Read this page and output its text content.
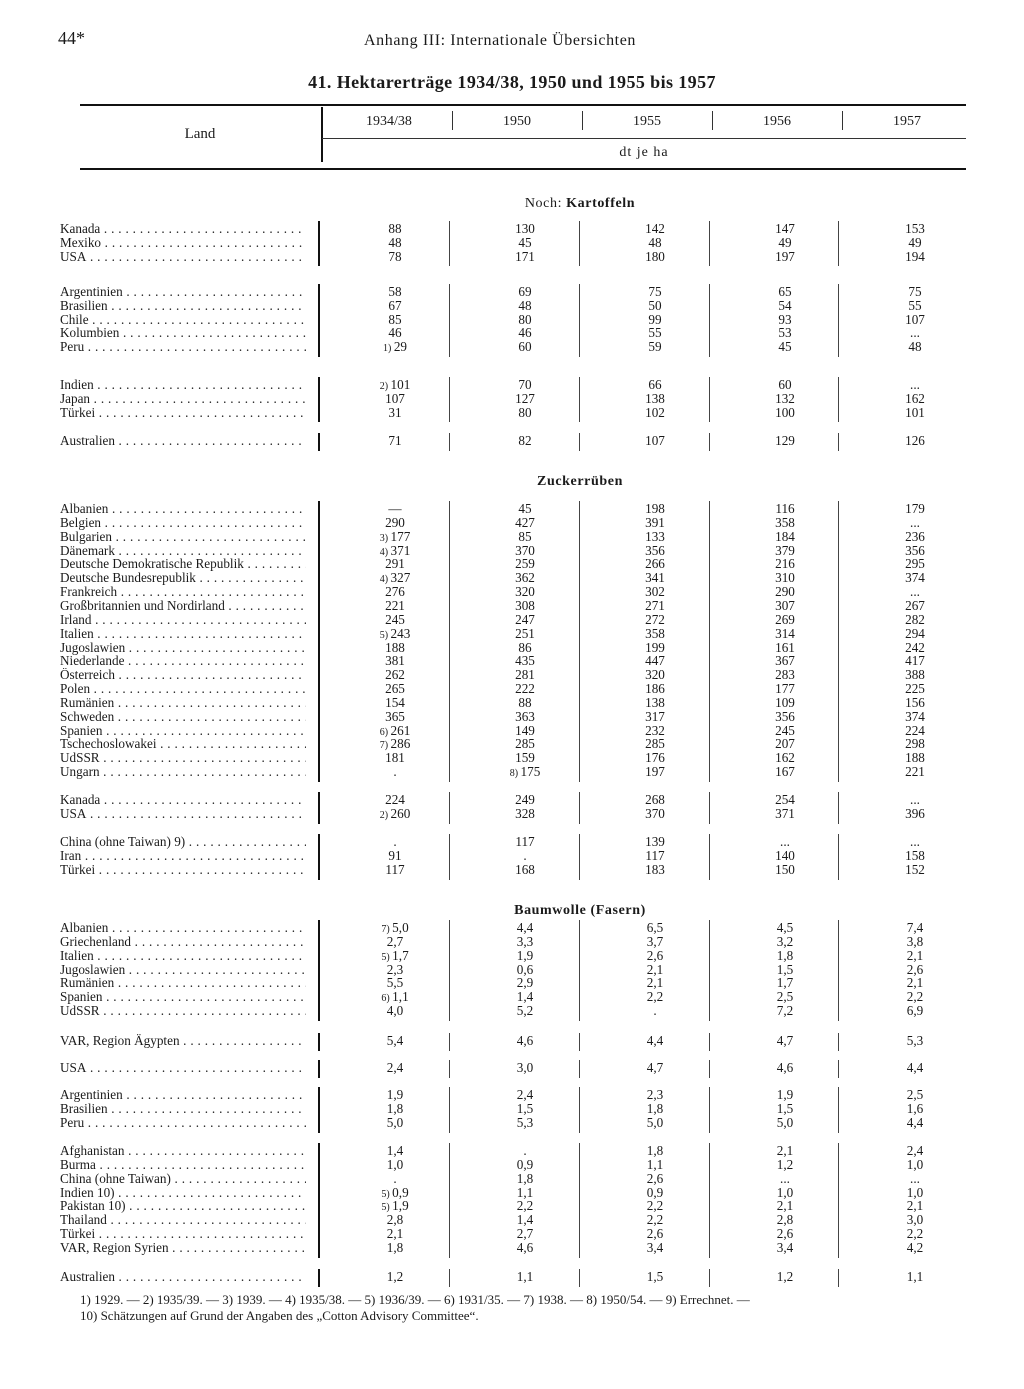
44*	Anhang III: Internationale Übersichten
41. Hektarerträge 1934/38, 1950 und 1955 bis 1957
Land
1934/38	1950	1955	1956	1957
dt je ha
Noch: Kartoffeln
Kanada . . .	88	130	142	147	153
Mexiko . . .	48	45	48	49	49
USA . . .	78	171	180	197	194
Argentinien . . .	58	69	75	65	75
Brasilien . . .	67	48	50	54	55
Chile . . .	85	80	99	93	107
Kolumbien . . .	46	46	55	53	...
Peru . . .	1) 29	60	59	45	48
Indien . . .	2) 101	70	66	60	...
Japan . . .	107	127	138	132	162
Türkei . . .	31	80	102	100	101
Australien . . .	71	82	107	129	126
Zuckerrüben
Albanien . . .	—	45	198	116	179
Belgien . . .	290	427	391	358	...
Bulgarien . . .	3) 177	85	133	184	236
Dänemark . . .	4) 371	370	356	379	356
Deutsche Demokratische Republik . . .	291	259	266	216	295
Deutsche Bundesrepublik . . .	4) 327	362	341	310	374
Frankreich . . .	276	320	302	290	...
Großbritannien und Nordirland . . .	221	308	271	307	267
Irland . . .	245	247	272	269	282
Italien . . .	5) 243	251	358	314	294
Jugoslawien . . .	188	86	199	161	242
Niederlande . . .	381	435	447	367	417
Österreich . . .	262	281	320	283	388
Polen . . .	265	222	186	177	225
Rumänien . . .	154	88	138	109	156
Schweden . . .	365	363	317	356	374
Spanien . . .	6) 261	149	232	245	224
Tschechoslowakei . . .	7) 286	285	285	207	298
UdSSR . . .	181	159	176	162	188
Ungarn . . .	.	8) 175	197	167	221
Kanada . . .	224	249	268	254	...
USA . . .	2) 260	328	370	371	396
China (ohne Taiwan) 9) . . .	.	117	139	...	...
Iran . . .	91	.	117	140	158
Türkei . . .	117	168	183	150	152
Baumwolle (Fasern)
Albanien . . .	7) 5,0	4,4	6,5	4,5	7,4
Griechenland . . .	2,7	3,3	3,7	3,2	3,8
Italien . . .	5) 1,7	1,9	2,6	1,8	2,1
Jugoslawien . . .	2,3	0,6	2,1	1,5	2,6
Rumänien . . .	5,5	2,9	2,1	1,7	2,1
Spanien . . .	6) 1,1	1,4	2,2	2,5	2,2
UdSSR . . .	4,0	5,2	.	7,2	6,9
VAR, Region Ägypten . . .	5,4	4,6	4,4	4,7	5,3
USA . . .	2,4	3,0	4,7	4,6	4,4
Argentinien . . .	1,9	2,4	2,3	1,9	2,5
Brasilien . . .	1,8	1,5	1,8	1,5	1,6
Peru . . .	5,0	5,3	5,0	5,0	4,4
Afghanistan . . .	1,4	.	1,8	2,1	2,4
Burma . . .	1,0	0,9	1,1	1,2	1,0
China (ohne Taiwan) . . .	.	1,8	2,6	...	...
Indien 10) . . .	5) 0,9	1,1	0,9	1,0	1,0
Pakistan 10) . . .	5) 1,9	2,2	2,2	2,1	2,1
Thailand . . .	2,8	1,4	2,2	2,8	3,0
Türkei . . .	2,1	2,7	2,6	2,6	2,2
VAR, Region Syrien . . .	1,8	4,6	3,4	3,4	4,2
Australien . . .	1,2	1,1	1,5	1,2	1,1
1) 1929. — 2) 1935/39. — 3) 1939. — 4) 1935/38. — 5) 1936/39. — 6) 1931/35. — 7) 1938. — 8) 1950/54. — 9) Errechnet. —
10) Schätzungen auf Grund der Angaben des „Cotton Advisory Committee“.
